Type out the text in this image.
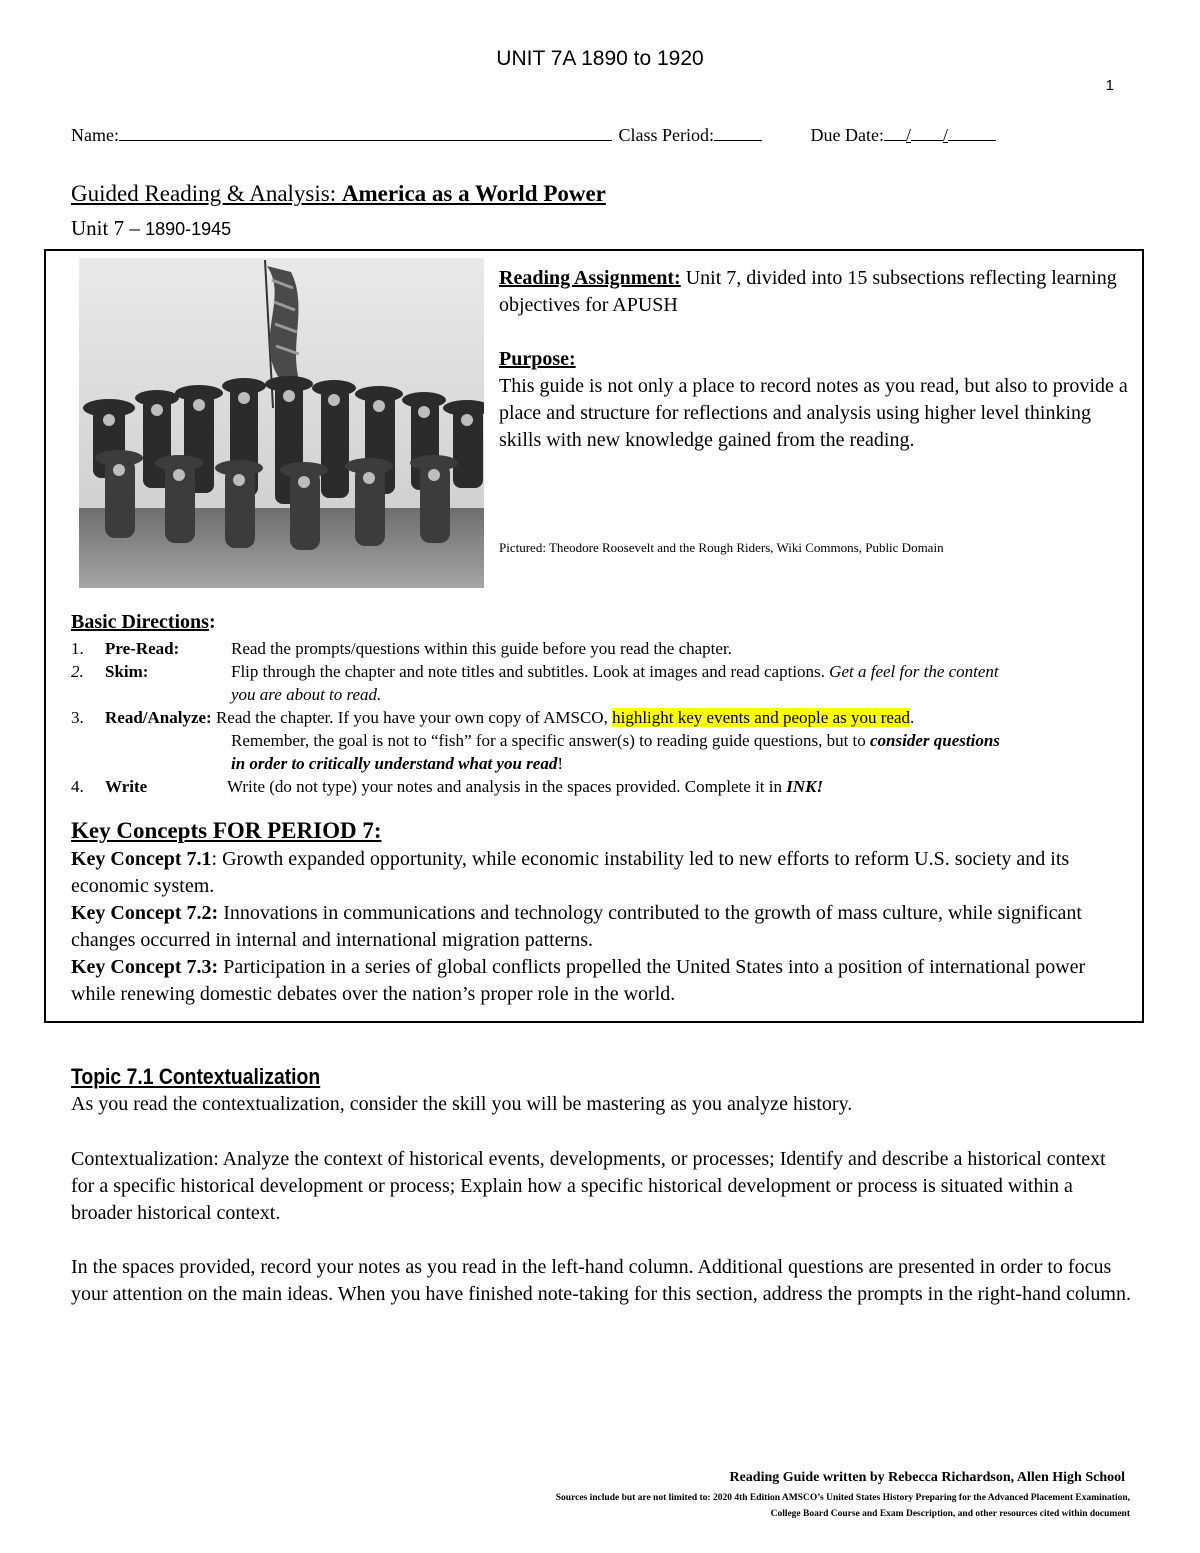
UNIT 7A 1890 to 1920
1
Name:	Class Period:	Due Date: / /
Guided Reading & Analysis: America as a World Power
Unit 7 – 1890-1945

Reading Assignment: Unit 7, divided into 15 subsections reflecting learning objectives for APUSH

Purpose:

This guide is not only a place to record notes as you read, but also to provide a place and structure for reflections and analysis using higher level thinking skills with new knowledge gained from the reading.

Pictured: Theodore Roosevelt and the Rough Riders, Wiki Commons, Public Domain
Basic Directions:
1. Pre-Read:	Read the prompts/questions within this guide before you read the chapter.
2. Skim:	Flip through the chapter and note titles and subtitles. Look at images and read captions. Get a feel for the content
you are about to read.
3. Read/Analyze: Read the chapter. If you have your own copy of AMSCO, highlight key events and people as you read.
Remember, the goal is not to “fish” for a specific answer(s) to reading guide questions, but to consider questions
in order to critically understand what you read!
4. Write	Write (do not type) your notes and analysis in the spaces provided. Complete it in INK!
Key Concepts FOR PERIOD 7:
Key Concept 7.1: Growth expanded opportunity, while economic instability led to new efforts to reform U.S. society and its economic system.
Key Concept 7.2: Innovations in communications and technology contributed to the growth of mass culture, while significant changes occurred in internal and international migration patterns.
Key Concept 7.3: Participation in a series of global conflicts propelled the United States into a position of international power while renewing domestic debates over the nation’s proper role in the world.
Topic 7.1 Contextualization
As you read the contextualization, consider the skill you will be mastering as you analyze history.
Contextualization: Analyze the context of historical events, developments, or processes; Identify and describe a historical context for a specific historical development or process; Explain how a specific historical development or process is situated within a broader historical context.
In the spaces provided, record your notes as you read in the left-hand column. Additional questions are presented in order to focus your attention on the main ideas. When you have finished note-taking for this section, address the prompts in the right-hand column.
Reading Guide written by Rebecca Richardson, Allen High School
Sources include but are not limited to: 2020 4th Edition AMSCO’s United States History Preparing for the Advanced Placement Examination,
College Board Course and Exam Description, and other resources cited within document
